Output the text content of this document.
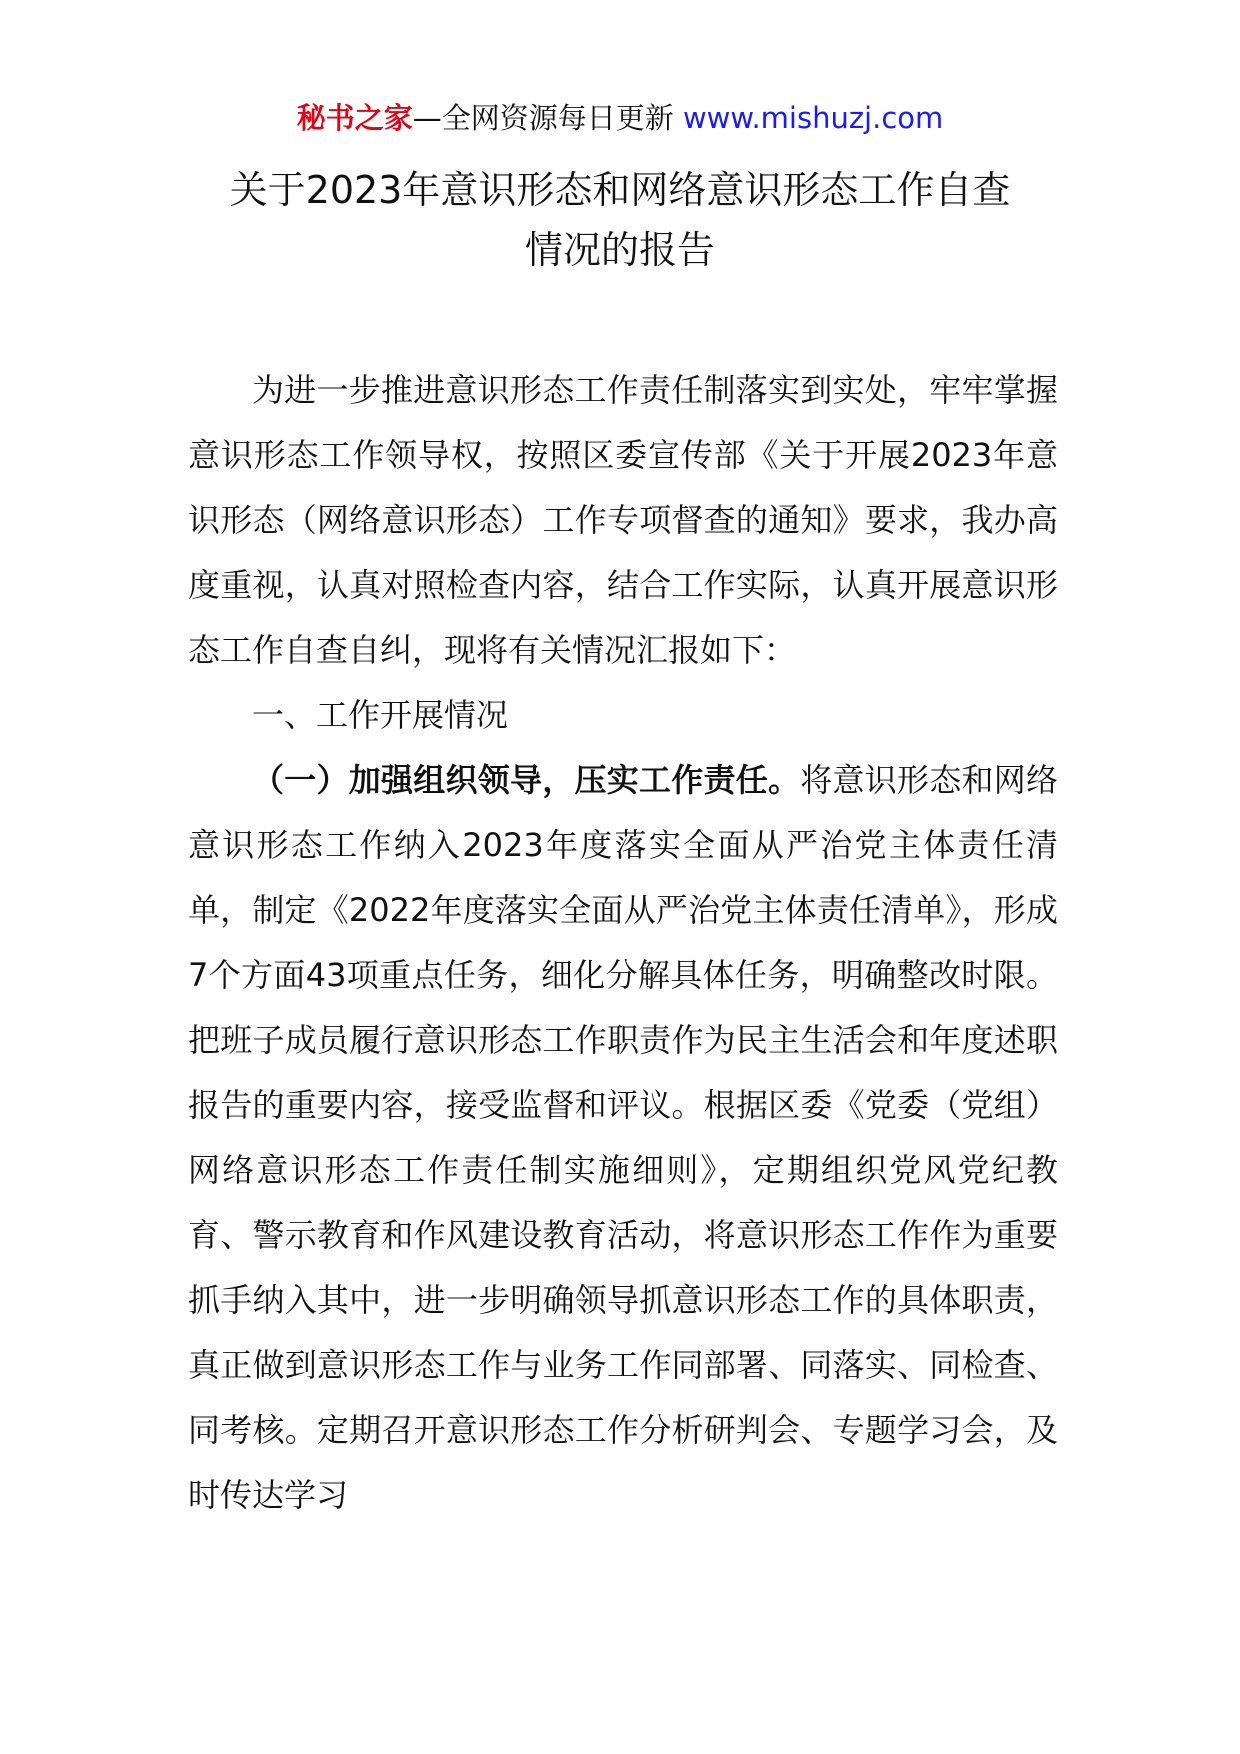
秘书之家—全网资源每日更新 www.mishuzj.com
关于2023年意识形态和网络意识形态工作自查
情况的报告

为进一步推进意识形态工作责任制落实到实处，牢牢掌握意识形态工作领导权，按照区委宣传部《关于开展2023年意识形态（网络意识形态）工作专项督查的通知》要求，我办高度重视，认真对照检查内容，结合工作实际，认真开展意识形态工作自查自纠，现将有关情况汇报如下：

一、工作开展情况

（一）加强组织领导，压实工作责任。将意识形态和网络意识形态工作纳入2023年度落实全面从严治党主体责任清单，制定《2022年度落实全面从严治党主体责任清单》，形成7个方面43项重点任务，细化分解具体任务，明确整改时限。把班子成员履行意识形态工作职责作为民主生活会和年度述职报告的重要内容，接受监督和评议。根据区委《党委（党组）网络意识形态工作责任制实施细则》，定期组织党风党纪教育、警示教育和作风建设教育活动，将意识形态工作作为重要抓手纳入其中，进一步明确领导抓意识形态工作的具体职责，真正做到意识形态工作与业务工作同部署、同落实、同检查、同考核。定期召开意识形态工作分析研判会、专题学习会，及时传达学习
